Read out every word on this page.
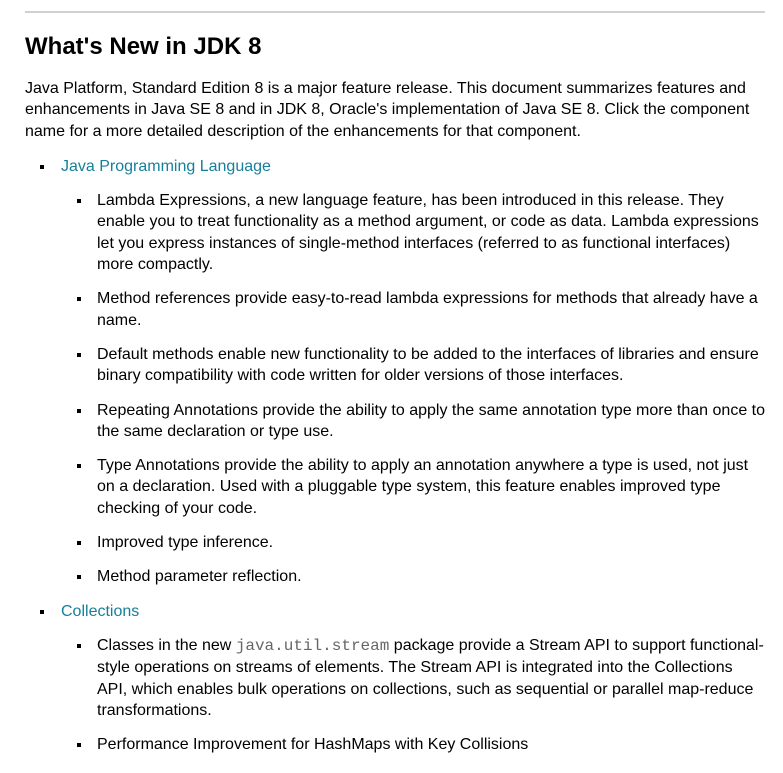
What's New in JDK 8

Java Platform, Standard Edition 8 is a major feature release. This document summarizes features and enhancements in Java SE 8 and in JDK 8, Oracle's implementation of Java SE 8. Click the component name for a more detailed description of the enhancements for that component.

Java Programming Language
Lambda Expressions, a new language feature, has been introduced in this release. They enable you to treat functionality as a method argument, or code as data. Lambda expressions let you express instances of single-method interfaces (referred to as functional interfaces) more compactly.
Method references provide easy-to-read lambda expressions for methods that already have a name.
Default methods enable new functionality to be added to the interfaces of libraries and ensure binary compatibility with code written for older versions of those interfaces.
Repeating Annotations provide the ability to apply the same annotation type more than once to the same declaration or type use.
Type Annotations provide the ability to apply an annotation anywhere a type is used, not just on a declaration. Used with a pluggable type system, this feature enables improved type checking of your code.
Improved type inference.
Method parameter reflection.
Collections
Classes in the new java.util.stream package provide a Stream API to support functional-style operations on streams of elements. The Stream API is integrated into the Collections API, which enables bulk operations on collections, such as sequential or parallel map-reduce transformations.
Performance Improvement for HashMaps with Key Collisions
